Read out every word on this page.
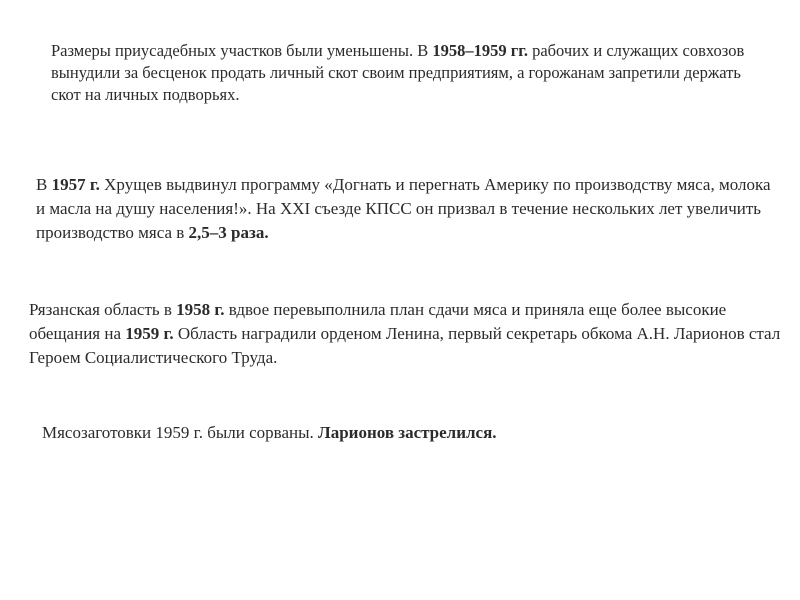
Размеры приусадебных участков были уменьшены. В 1958–1959 гг. рабочих и служащих совхозов вынудили за бесценок продать личный скот своим предприятиям, а горожанам запретили держать скот на личных подворьях.

В 1957 г. Хрущев выдвинул программу «Догнать и перегнать Америку по производству мяса, молока и масла на душу населения!». На XXI съезде КПСС он призвал в течение нескольких лет увеличить производство мяса в 2,5–3 раза.

Рязанская область в 1958 г. вдвое перевыполнила план сдачи мяса и приняла еще более высокие обещания на 1959 г. Область наградили орденом Ленина, первый секретарь обкома А.Н. Ларионов стал Героем Социалистического Труда.

Мясозаготовки 1959 г. были сорваны. Ларионов застрелился.
